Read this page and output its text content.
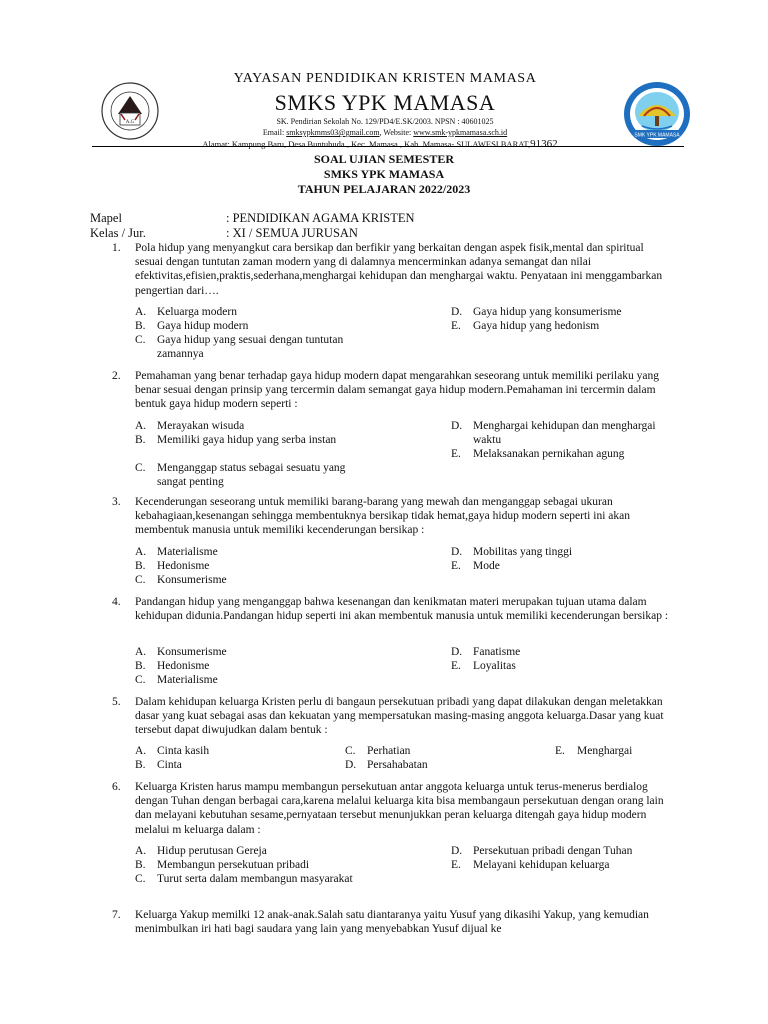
A.G
SMK YPK MAMASA
YAYASAN PENDIDIKAN KRISTEN MAMASA
SMKS YPK MAMASA
SK. Pendirian Sekolah No. 129/PD4/E.SK/2003. NPSN : 40601025
Email: smksypkmms03@gmail.com, Website: www.smk-ypkmamasa.sch.id
Alamat: Kampung Baru, Desa Buntubuda , Kec. Mamasa , Kab. Mamasa- SULAWESI BARAT,91362
SOAL UJIAN SEMESTER
SMKS YPK MAMASA
TAHUN PELAJARAN 2022/2023
Mapel	: PENDIDIKAN AGAMA KRISTEN
Kelas / Jur.	: XI / SEMUA JURUSAN
1.	Pola hidup yang menyangkut cara bersikap dan berfikir yang berkaitan dengan aspek fisik,mental dan spiritual sesuai dengan tuntutan zaman modern yang di dalamnya mencerminkan adanya semangat dan nilai efektivitas,efisien,praktis,sederhana,menghargai kehidupan dan menghargai waktu. Penyataan ini menggambarkan pengertian dari….
A. Keluarga modern
B. Gaya hidup modern
C. Gaya hidup yang sesuai dengan tuntutan zamannya
D. Gaya hidup yang konsumerisme
E. Gaya hidup yang hedonism
2.	Pemahaman yang benar terhadap gaya hidup modern dapat mengarahkan seseorang untuk memiliki perilaku yang benar sesuai dengan prinsip yang tercermin dalam semangat gaya hidup modern.Pemahaman ini tercermin dalam bentuk gaya hidup modern seperti :
A. Merayakan wisuda
B. Memiliki gaya hidup yang serba instan
C. Menganggap status sebagai sesuatu yang sangat penting
D. Menghargai kehidupan dan menghargai waktu
E. Melaksanakan pernikahan agung
3.	Kecenderungan seseorang untuk memiliki barang-barang yang mewah dan menganggap sebagai ukuran kebahagiaan,kesenangan sehingga membentuknya bersikap tidak hemat,gaya hidup modern seperti ini akan membentuk manusia untuk memiliki kecenderungan bersikap :
A. Materialisme
B. Hedonisme
C. Konsumerisme
D. Mobilitas yang tinggi
E. Mode
4.	Pandangan hidup yang menganggap bahwa kesenangan dan kenikmatan materi merupakan tujuan utama dalam kehidupan didunia.Pandangan hidup seperti ini akan membentuk manusia untuk memiliki kecenderungan bersikap :
A. Konsumerisme
B. Hedonisme
C. Materialisme
D. Fanatisme
E. Loyalitas
5.	Dalam kehidupan keluarga Kristen perlu di bangaun persekutuan pribadi yang dapat dilakukan dengan meletakkan dasar yang kuat sebagai asas dan kekuatan yang mempersatukan masing-masing anggota keluarga.Dasar yang kuat tersebut dapat diwujudkan dalam bentuk :
A. Cinta kasih
B. Cinta
C. Perhatian
D. Persahabatan
E. Menghargai
6.	Keluarga Kristen harus mampu membangun persekutuan antar anggota keluarga untuk terus-menerus berdialog dengan Tuhan dengan berbagai cara,karena melalui keluarga kita bisa membangaun persekutuan dengan orang lain dan melayani kebutuhan sesame,pernyataan tersebut menunjukkan peran keluarga ditengah gaya hidup modern melalui m keluarga dalam :
A. Hidup perutusan Gereja
B. Membangun persekutuan pribadi
C. Turut serta dalam membangun masyarakat
D. Persekutuan pribadi dengan Tuhan
E. Melayani kehidupan keluarga
7.	Keluarga Yakup memilki 12 anak-anak.Salah satu diantaranya yaitu Yusuf yang dikasihi Yakup, yang kemudian menimbulkan iri hati bagi saudara yang lain yang menyebabkan Yusuf dijual ke
